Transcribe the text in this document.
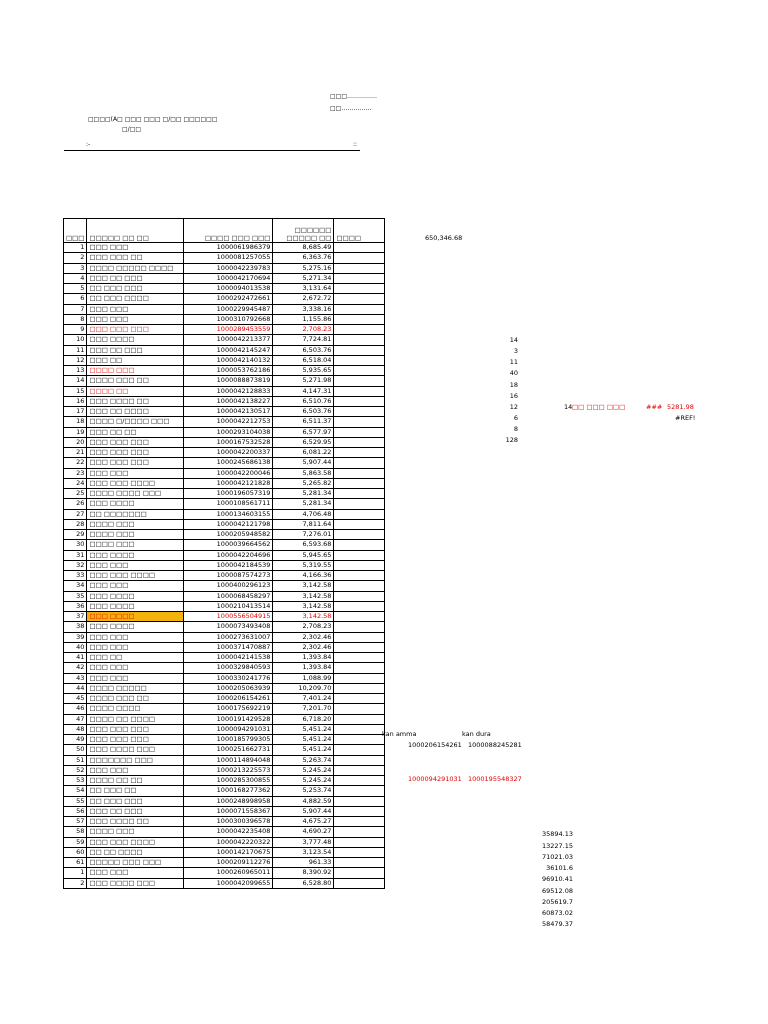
□□□……………
□□……………
□□□□(A□ □□□ □□□ □/□□ □□□□□□
□/□□
:-	::
□□□	□□□□□ □□ □□	□□□□ □□□ □□□	□□□□□□ □□□□□ □□	□□□□
1	□□□ □□□	1000061986379	8,685.49	
2	□□□ □□□ □□	1000081257055	6,363.76	
3	□□□□ □□□□□ □□□□	1000042239783	5,275.16	
4	□□□ □□ □□□	1000042170694	5,271.34	
5	□□ □□□ □□□	1000094013538	3,131.64	
6	□□ □□□ □□□□	1000292472661	2,672.72	
7	□□□ □□□	1000229945487	3,338.16	
8	□□□ □□□	1000310792668	1,155.86	
9	□□□ □□□ □□□	1000289453559	2,708.23	
10	□□□ □□□□	1000042213377	7,724.81	
11	□□□ □□ □□□	1000042145247	6,503.76	
12	□□□ □□	1000042140132	6,518.04	
13	□□□□ □□□	1000053762186	5,935.65	
14	□□□□ □□□ □□	1000088873819	5,271.98	
15	□□□□ □□	1000042128833	4,147.31	
16	□□□ □□□□ □□	1000042138227	6,510.76	
17	□□□ □□ □□□□	1000042130517	6,503.76	
18	□□□□ □/□□□□ □□□	1000042212753	6,511.37	
19	□□□ □□ □□	1000293104038	6,577.97	
20	□□□ □□□ □□□	1000167532528	6,529.95	
21	□□□ □□□ □□□	1000042200337	6,081.22	
22	□□□ □□□ □□□	1000245686138	5,907.44	
23	□□□ □□□	1000042200046	5,863.58	
24	□□□ □□□ □□□□	1000042121828	5,265.82	
25	□□□□ □□□□ □□□	1000196057319	5,281.34	
26	□□□ □□□□	1000108561711	5,281.34	
27	□□ □□□□□□□	1000134603155	4,706.48	
28	□□□□ □□□	1000042121798	7,811.64	
29	□□□□ □□□	1000205948582	7,276.01	
30	□□□□ □□□	1000039664562	6,593.68	
31	□□□ □□□□	1000042204696	5,945.65	
32	□□□ □□□	1000042184539	5,319.55	
33	□□□ □□□ □□□□	1000087574273	4,166.36	
34	□□□ □□□	1000400296123	3,142.58	
35	□□□ □□□□	1000068458297	3,142.58	
36	□□□ □□□□	1000210413514	3,142.58	
37	□□□ □□□□	1000556504915	3,142.58	
38	□□□ □□□□	1000073493408	2,708.23	
39	□□□ □□□	1000273631007	2,302.46	
40	□□□ □□□	1000371470887	2,302.46	
41	□□□ □□	1000042141538	1,393.84	
42	□□□ □□□	1000329840593	1,393.84	
43	□□□ □□□	1000330241776	1,088.99	
44	□□□□ □□□□□	1000205063939	10,209.70	
45	□□□□ □□□ □□	1000206154261	7,401.24	
46	□□□□ □□□□	1000175692219	7,201.70	
47	□□□□ □□ □□□□	1000191429528	6,718.20	
48	□□□ □□□ □□□	1000094291031	5,451.24	
49	□□□ □□□ □□□	1000185799305	5,451.24	
50	□□□ □□□□ □□□	1000251662731	5,451.24	
51	□□□□□□□ □□□	1000114894048	5,263.74	
52	□□□ □□□	1000213225573	5,245.24	
53	□□□□ □□ □□	1000285300855	5,245.24	
54	□□ □□□ □□	1000168277362	5,253.74	
55	□□ □□□ □□□	1000248998958	4,882.59	
56	□□□ □□ □□□	1000071558367	5,907.44	
57	□□□ □□□□ □□	1000300396578	4,675.27	
58	□□□□ □□□	1000042235408	4,690.27	
59	□□□ □□□ □□□□	1000042220322	3,777.48	
60	□□ □□ □□□□	1000142170675	3,123.54	
61	□□□□□ □□□ □□□	1000209112276	961.33	
1	□□□ □□□	1000260965011	8,390.92	
2	□□□ □□□□ □□□	1000042099655	6,528.80	
650,346.68
14
3
11
40
18
16
12
6
8
128
14 □□ □□□ □□□	### 5281.98
#REF!
kan amma	kan dura
1000206154261 1000088245281
1000094291031 1000195548327
35894.13
13227.15
71021.03
36101.6
96910.41
69512.08
205619.7
60873.02
58479.37
